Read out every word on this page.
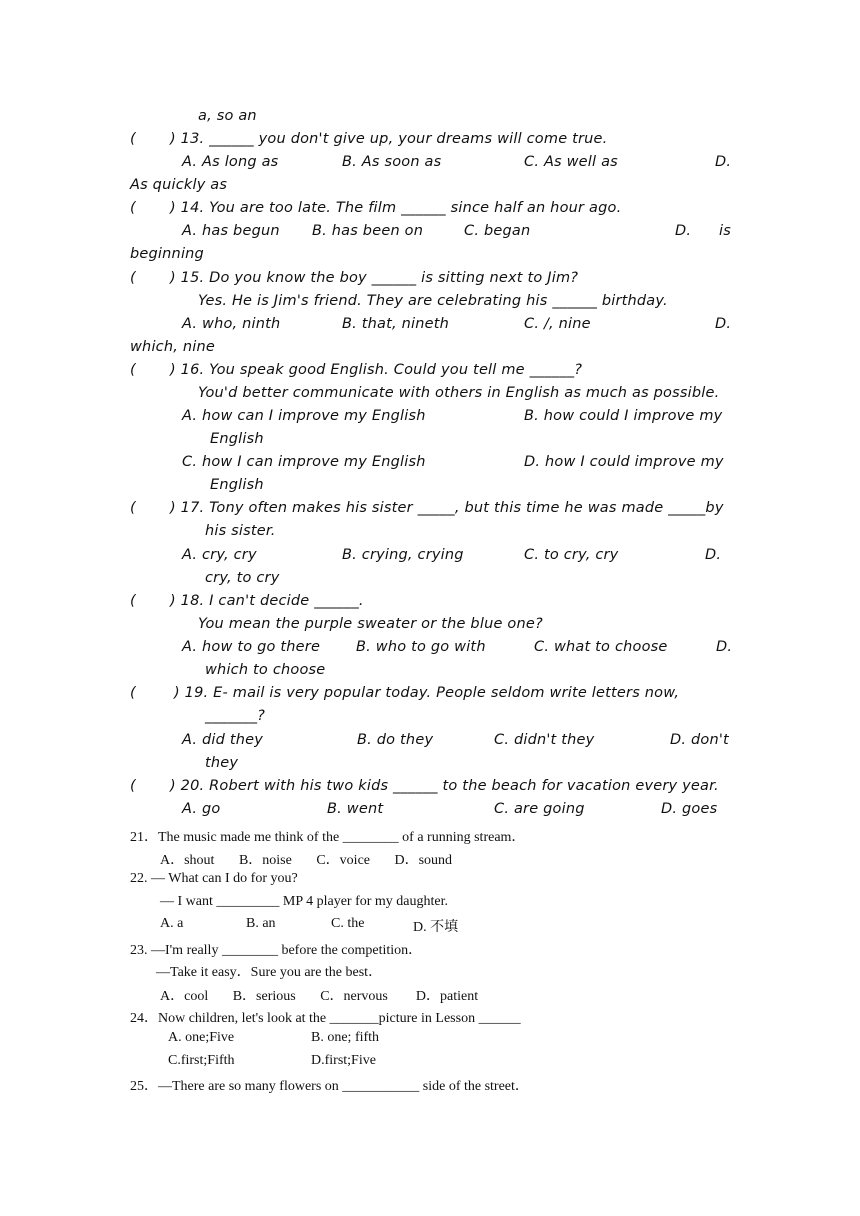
a, so an
( ) 13. ______ you don't give up, your dreams will come true.
A. As long as	B. As soon as	C. As well as	D.
As quickly as
( ) 14. You are too late. The film ______ since half an hour ago.
A. has begun B. has been on	C. began	D. is
beginning
( ) 15. Do you know the boy ______ is sitting next to Jim?
Yes. He is Jim's friend. They are celebrating his ______ birthday.
A. who, ninth	B. that, nineth	C. /, nine	D.
which, nine
( ) 16. You speak good English. Could you tell me ______?
You'd better communicate with others in English as much as possible.
A. how can I improve my English	B. how could I improve my
English
C. how I can improve my English	D. how I could improve my
English
( ) 17. Tony often makes his sister _____, but this time he was made _____by
his sister.
A. cry, cry	B. crying, crying	C. to cry, cry	D.
cry, to cry
( ) 18. I can't decide ______.
You mean the purple sweater or the blue one?
A. how to go there B. who to go with	C. what to choose	D.
which to choose
(	) 19. E- mail is very popular today. People seldom write letters now,
_______?
A. did they	B. do they	C. didn't they	D. don't
they
( ) 20. Robert with his two kids ______ to the beach for vacation every year.
A. go	B. went	C. are going	D. goes
21．The music made me think of the ________ of a running stream．
A．shout       B．noise       C．voice       D．sound
22. — What can I do for you?
— I want _________ MP 4 player for my daughter.
A. a	B. an	C. the	D. 不填
23. —I'm really ________ before the competition．
—Take it easy．Sure you are the best．
A．cool       B．serious       C．nervous        D．patient
24．Now children, let's look at the _______picture in Lesson ______
A. one;Five	B. one; fifth
C.first;Fifth	D.first;Five
25．—There are so many flowers on ___________ side of the street．
